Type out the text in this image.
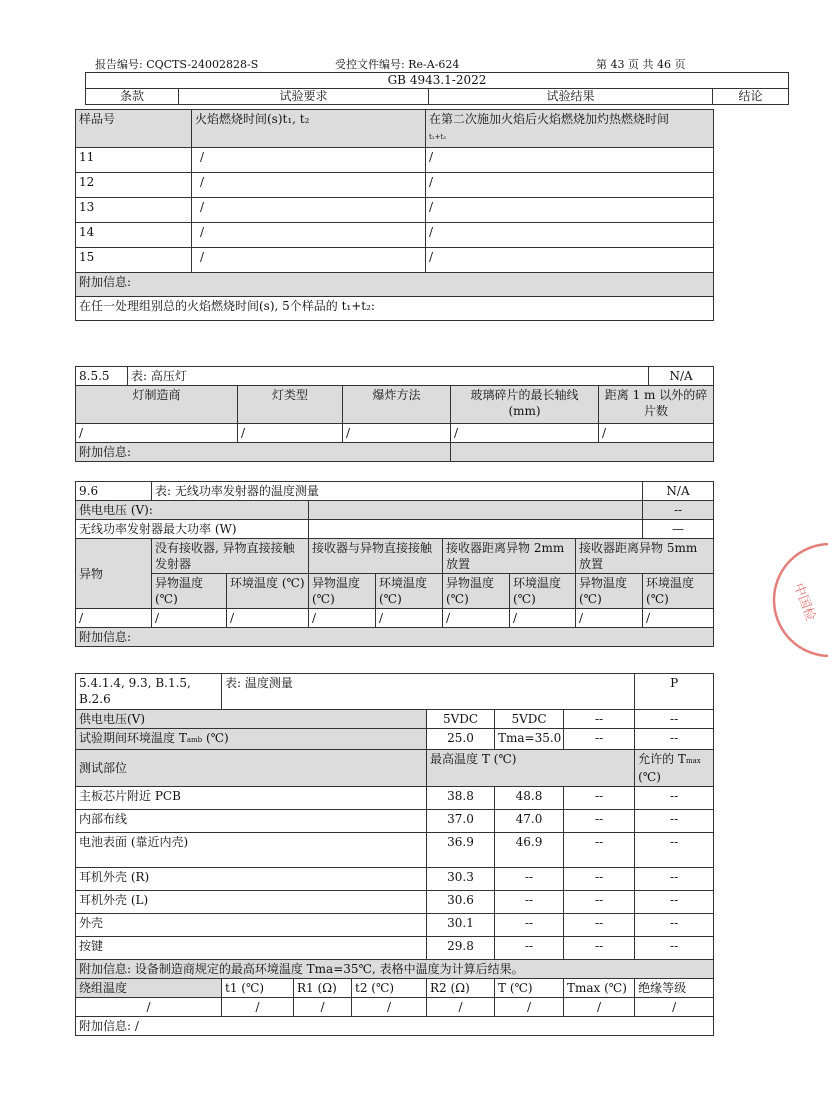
报告编号: CQCTS-24002828-S	受控文件编号: Re-A-624	第 43 页 共 46 页
GB 4943.1-2022
条款	试验要求	试验结果	结论
样品号	火焰燃烧时间(s)t₁, t₂	在第二次施加火焰后火焰燃烧加灼热燃烧时间
t₂+t₃
11	/	/
12	/	/
13	/	/
14	/	/
15	/	/
附加信息:		
在任一处理组别总的火焰燃烧时间(s), 5个样品的 t₁+t₂:		
8.5.5	表: 高压灯					N/A
灯制造商		灯类型	爆炸方法	玻璃碎片的最长轴线 (mm)	距离 1 m 以外的碎片数	
/		/	/	/	/	
附加信息:						
9.6	表: 无线功率发射器的温度测量							N/A
供电电压 (V):								--
无线功率发射器最大功率 (W)								—
异物	没有接收器, 异物直接接触发射器		接收器与异物直接接触		接收器距离异物 2mm 放置		接收器距离异物 5mm 放置	
	异物温度 (℃)	环境温度 (℃)	异物温度 (℃)	环境温度 (℃)	异物温度 (℃)	环境温度 (℃)	异物温度 (℃)	环境温度 (℃)
/	/	/	/	/	/	/	/	/
附加信息:								
5.4.1.4, 9.3, B.1.5, B.2.6	表: 温度测量						P	
供电电压(V)				5VDC	5VDC	--	--	
试验期间环境温度 Tamb (℃)				25.0	Tma=35.0	--	--	
测试部位				最高温度 T (℃)			允许的 Tmax
(℃)	
主板芯片附近 PCB				38.8	48.8	--	--	
内部布线				37.0	47.0	--	--	
电池表面 (靠近内壳)				36.9	46.9	--	--	
耳机外壳 (R)				30.3	--	--	--	
耳机外壳 (L)				30.6	--	--	--	
外壳				30.1	--	--	--	
按键				29.8	--	--	--	
附加信息: 设备制造商规定的最高环境温度 Tma=35℃, 表格中温度为计算后结果。								
绕组温度	t1 (℃)	R1 (Ω)	t2 (℃)	R2 (Ω)	T (℃)	Tmax (℃)	绝缘等级	
/	/	/	/	/	/	/	/	
附加信息: /								
中国检
